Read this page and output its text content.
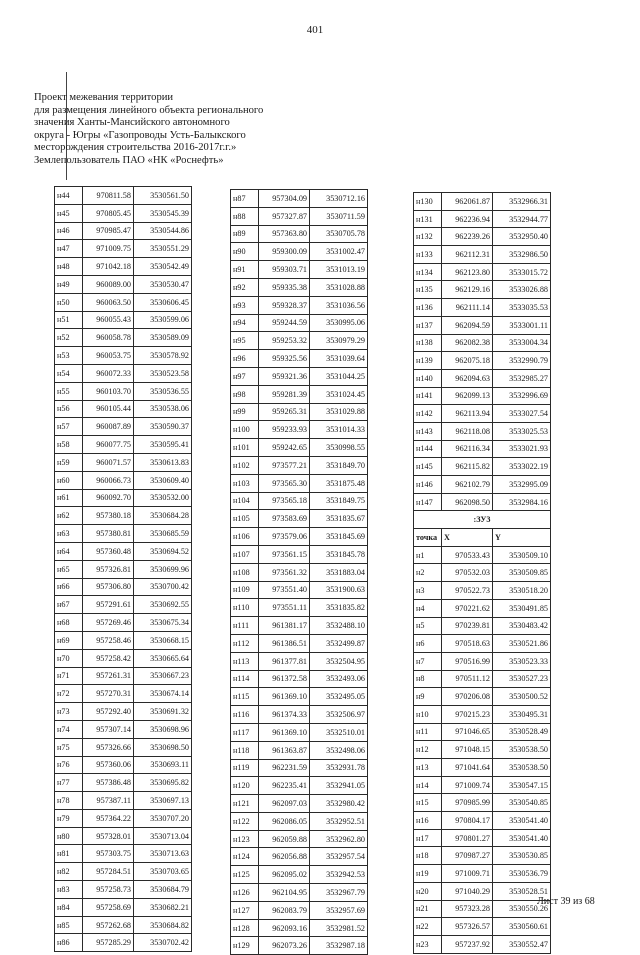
401
Проект межевания территории
для размещения линейного объекта регионального
значения Ханты-Мансийского автономного
округа - Югры «Газопроводы Усть-Балыкского
месторождения строительства 2016-2017г.г.»
Землепользователь ПАО «НК «Роснефть»
н44	970811.58	3530561.50
н45	970805.45	3530545.39
н46	970985.47	3530544.86
н47	971009.75	3530551.29
н48	971042.18	3530542.49
н49	960089.00	3530530.47
н50	960063.50	3530606.45
н51	960055.43	3530599.06
н52	960058.78	3530589.09
н53	960053.75	3530578.92
н54	960072.33	3530523.58
н55	960103.70	3530536.55
н56	960105.44	3530538.06
н57	960087.89	3530590.37
н58	960077.75	3530595.41
н59	960071.57	3530613.83
н60	960066.73	3530609.40
н61	960092.70	3530532.00
н62	957380.18	3530684.28
н63	957380.81	3530685.59
н64	957360.48	3530694.52
н65	957326.81	3530699.96
н66	957306.80	3530700.42
н67	957291.61	3530692.55
н68	957269.46	3530675.34
н69	957258.46	3530668.15
н70	957258.42	3530665.64
н71	957261.31	3530667.23
н72	957270.31	3530674.14
н73	957292.40	3530691.32
н74	957307.14	3530698.96
н75	957326.66	3530698.50
н76	957360.06	3530693.11
н77	957386.48	3530695.82
н78	957387.11	3530697.13
н79	957364.22	3530707.20
н80	957328.01	3530713.04
н81	957303.75	3530713.63
н82	957284.51	3530703.65
н83	957258.73	3530684.79
н84	957258.69	3530682.21
н85	957262.68	3530684.82
н86	957285.29	3530702.42
н87	957304.09	3530712.16
н88	957327.87	3530711.59
н89	957363.80	3530705.78
н90	959300.09	3531002.47
н91	959303.71	3531013.19
н92	959335.38	3531028.88
н93	959328.37	3531036.56
н94	959244.59	3530995.06
н95	959253.32	3530979.29
н96	959325.56	3531039.64
н97	959321.36	3531044.25
н98	959281.39	3531024.45
н99	959265.31	3531029.88
н100	959233.93	3531014.33
н101	959242.65	3530998.55
н102	973577.21	3531849.70
н103	973565.30	3531875.48
н104	973565.18	3531849.75
н105	973583.69	3531835.67
н106	973579.06	3531845.69
н107	973561.15	3531845.78
н108	973561.32	3531883.04
н109	973551.40	3531900.63
н110	973551.11	3531835.82
н111	961381.17	3532488.10
н112	961386.51	3532499.87
н113	961377.81	3532504.95
н114	961372.58	3532493.06
н115	961369.10	3532495.05
н116	961374.33	3532506.97
н117	961369.10	3532510.01
н118	961363.87	3532498.06
н119	962231.59	3532931.78
н120	962235.41	3532941.05
н121	962097.03	3532980.42
н122	962086.05	3532952.51
н123	962059.88	3532962.80
н124	962056.88	3532957.54
н125	962095.02	3532942.53
н126	962104.95	3532967.79
н127	962083.79	3532957.69
н128	962093.16	3532981.52
н129	962073.26	3532987.18
н130	962061.87	3532966.31
н131	962236.94	3532944.77
н132	962239.26	3532950.40
н133	962112.31	3532986.50
н134	962123.80	3533015.72
н135	962129.16	3533026.88
н136	962111.14	3533035.53
н137	962094.59	3533001.11
н138	962082.38	3533004.34
н139	962075.18	3532990.79
н140	962094.63	3532985.27
н141	962099.13	3532996.69
н142	962113.94	3533027.54
н143	962118.08	3533025.53
н144	962116.34	3533021.93
н145	962115.82	3533022.19
н146	962102.79	3532995.09
н147	962098.50	3532984.16
:ЗУ3		
точка	X	Y
н1	970533.43	3530509.10
н2	970532.03	3530509.85
н3	970522.73	3530518.20
н4	970221.62	3530491.85
н5	970239.81	3530483.42
н6	970518.63	3530521.86
н7	970516.99	3530523.33
н8	970511.12	3530527.23
н9	970206.08	3530500.52
н10	970215.23	3530495.31
н11	971046.65	3530528.49
н12	971048.15	3530538.50
н13	971041.64	3530538.50
н14	971009.74	3530547.15
н15	970985.99	3530540.85
н16	970804.17	3530541.40
н17	970801.27	3530541.40
н18	970987.27	3530530.85
н19	971009.71	3530536.79
н20	971040.29	3530528.51
н21	957323.28	3530550.26
н22	957326.57	3530560.61
н23	957237.92	3530552.47
Лист 39 из 68
